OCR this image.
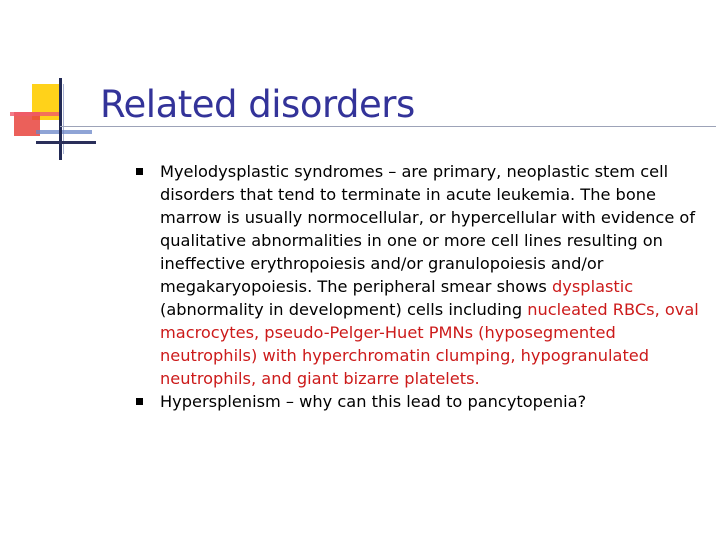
Related disorders
Myelodysplastic syndromes – are primary, neoplastic stem cell disorders that tend to terminate in acute leukemia. The bone marrow is usually normocellular, or hypercellular with evidence of qualitative abnormalities in one or more cell lines resulting on ineffective erythropoiesis and/or granulopoiesis and/or megakaryopoiesis. The peripheral smear shows dysplastic (abnormality in development) cells including nucleated RBCs, oval macrocytes, pseudo-Pelger-Huet PMNs (hyposegmented neutrophils) with hyperchromatin clumping, hypogranulated neutrophils, and giant bizarre platelets.
Hypersplenism – why can this lead to pancytopenia?
